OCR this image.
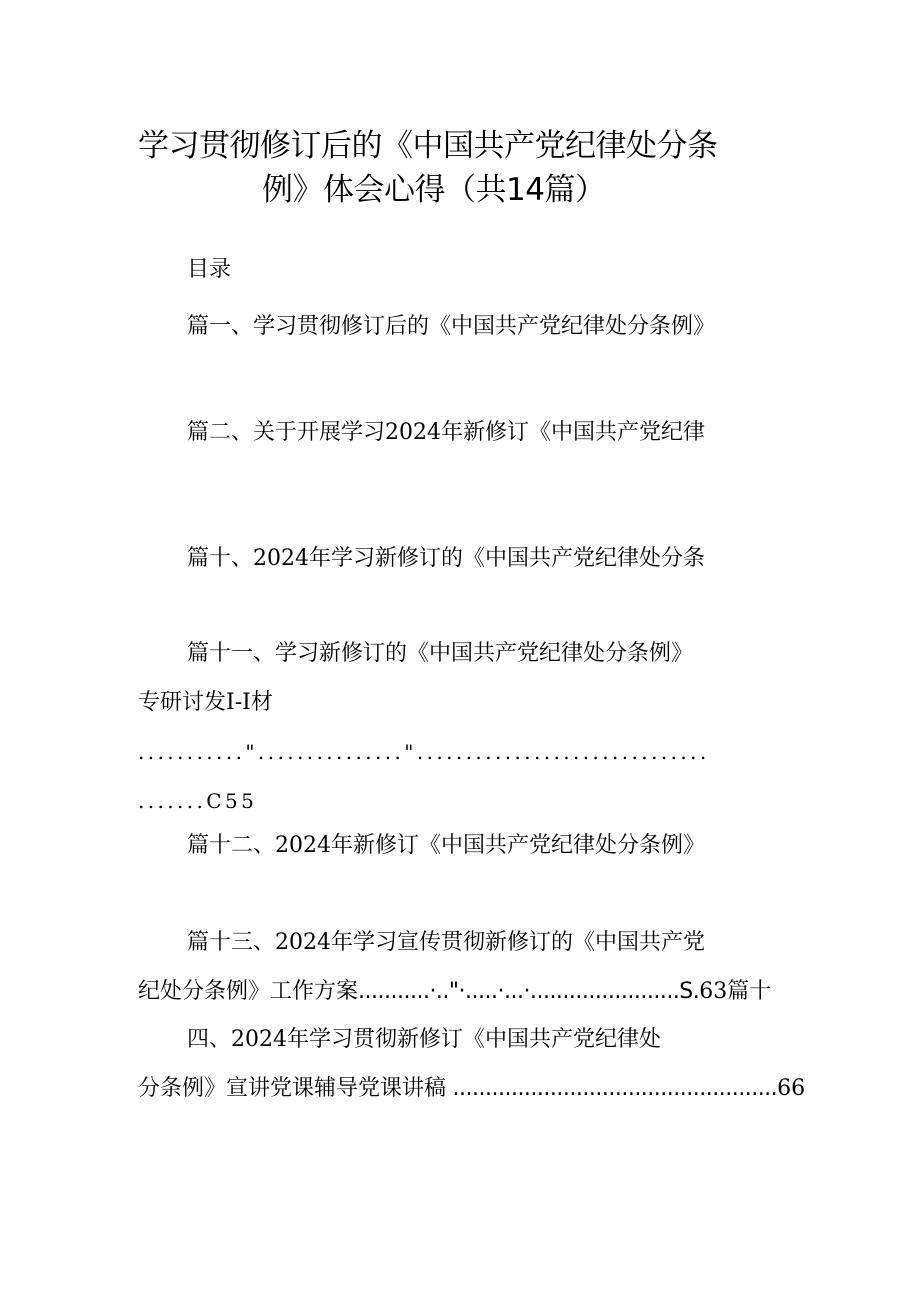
学习贯彻修订后的《中国共产党纪律处分条
例》体会心得（共14篇）
目录
篇一、学习贯彻修订后的《中国共产党纪律处分条例》
篇二、关于开展学习2024年新修订《中国共产党纪律
篇十、2024年学习新修订的《中国共产党纪律处分条
篇十一、学习新修订的《中国共产党纪律处分条例》
专研讨发I-I材
..........."..............."..............................
.......C55
篇十二、2024年新修订《中国共产党纪律处分条例》
篇十三、2024年学习宣传贯彻新修订的《中国共产党
纪处分条例》工作方案...........·.."·.....·...·.......................S.63篇十
四、2024年学习贯彻新修订《中国共产党纪律处
分条例》宣讲党课辅导党课讲稿 ..................................................66
